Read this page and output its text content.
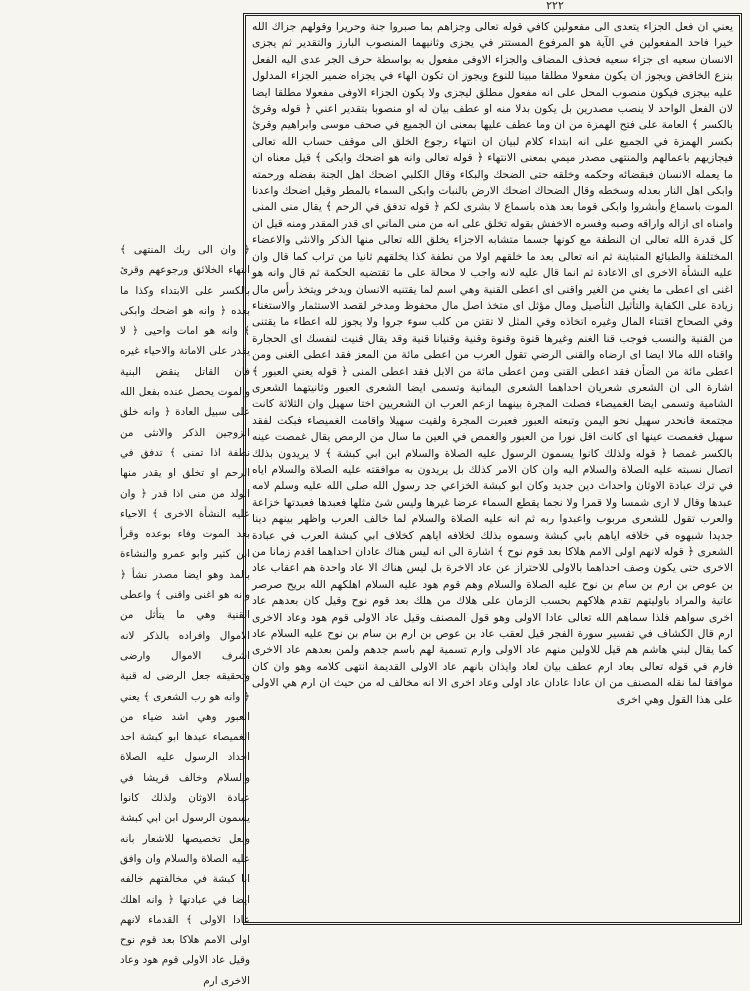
٢٢٢

يعني ان فعل الجزاء يتعدى الى مفعولين كافي قوله تعالى وجزاهم بما صبروا جنة وحريرا وقولهم جزاك الله خيرا فاحد المفعولين في الآية هو المرفوع المستتر في يجزى وثانيهما المنصوب البارز والتقدير ثم يجزى الانسان سعيه اى جزاء سعيه فحذف المضاف والجزاء الاوفى مفعول به بواسطة حرف الجر عدى اليه الفعل بنزع الخافض ويجوز ان يكون مفعولا مطلقا مبينا للنوع ويجوز ان تكون الهاء في يجزاه ضمير الجزاء المدلول عليه بيجزى فيكون منصوب المحل على انه مفعول مطلق ليجزى ولا يكون الجزاء الاوفى مفعولا مطلقا ايضا لان الفعل الواحد لا ينصب مصدرين بل يكون بدلا منه او عطف بيان له او منصوبا بتقدير اعني ﴿ قوله وقرئ بالكسر ﴾ العامة على فتح الهمزة من ان وما عطف عليها بمعنى ان الجميع في صحف موسى وابراهيم وقرئ بكسر الهمزة في الجميع على انه ابتداء كلام لبيان ان انتهاء رجوع الخلق الى موقف حساب الله تعالى فيجازيهم باعمالهم والمنتهى مصدر ميمي بمعنى الانتهاء ﴿ قوله تعالى وانه هو اضحك وابكى ﴾ قيل معناه ان ما يعمله الانسان فبقضائه وحكمه وخلقه حتى الضحك والبكاء وقال الكلبي اضحك اهل الجنة بفضله ورحمته وابكى اهل النار بعدله وسخطه وقال الضحاك اضحك الارض بالنبات وابكى السماء بالمطر وقيل اضحك واعدنا الموت باسماع وأبشروا وابكى قوما بعد هذه باسماع لا بشرى لكم ﴿ قوله تدفق في الرحم ﴾ يقال منى المنى وامناه اى ازاله واراقه وصبه وفسره الاخفش بقوله تخلق على انه من منى الماني اى قدر المقدر ومنه قيل ان كل قدرة الله تعالى ان النطفة مع كونها جسما متشابه الاجزاء يخلق الله تعالى منها الذكر والانثى والاعضاء المختلفة والطبائع المتباينة ثم انه تعالى بعد ما خلقهم اولا من نطفة كذا يخلقهم ثانيا من تراب كما قال وان عليه النشأة الاخرى اى الاعادة ثم انما قال عليه لانه واجب لا محالة على ما تقتضيه الحكمة ثم قال وانه هو اغنى اى اعطى ما يغني من الغير واقنى اى اعطى القنية وهي اسم لما يقتنيه الانسان ويدخر ويتخذ رأس مال زيادة على الكفاية والتأثيل التأصيل ومال مؤثل اى متخذ اصل مال محفوظ ومدخر لقصد الاستثمار والاستغناء وفي الصحاح اقتناء المال وغيره اتخاذه وفي المثل لا تقتن من كلب سوء جروا ولا يجوز لله اعطاء ما يقتنى من القنية والنسب فوجب قنا الغنم وغيرها قنوة وقنوة وقنية وقنيانا قنية وقد يقال قنيت لنفسك اى الحجارة واقناه الله مالا ايضا اى ارضاه والقنى الرضي تقول العرب من اعطى مائة من المعز فقد اعطى الغنى ومن اعطى مائة من الضأن فقد اعطى القنى ومن اعطى مائة من الابل فقد اعطى المنى ﴿ قوله يعني العبور ﴾ اشارة الى ان الشعرى شعريان احداهما الشعرى اليمانية وتسمى ايضا الشعرى العبور وثانيتهما الشعرى الشامية وتسمى ايضا الغميصاء فصلت المجرة بينهما ازعم العرب ان الشعريين اختا سهيل وان الثلاثة كانت مجتمعة فانحدر سهيل نحو اليمن وتبعته العبور فعبرت المجرة ولقيت سهيلا واقامت الغميصاء فبكت لفقد سهيل فغمصت عينها اى كانت اقل نورا من العبور والغمص في العين ما سال من الرمص يقال غمصت عينه بالكسر غمصا ﴿ قوله ولذلك كانوا يسمون الرسول عليه الصلاة والسلام ابن ابي كبشة ﴾ لا يريدون بذلك اتصال نسبته عليه الصلاة والسلام اليه وان كان الامر كذلك بل يريدون به موافقته عليه الصلاة والسلام اياه في ترك عبادة الاوثان واحداث دين جديد وكان ابو كبشة الخزاعي جد رسول الله صلى الله عليه وسلم لامه عبدها وقال لا ارى شمسا ولا قمرا ولا نجما يقطع السماء عرضا غيرها وليس شئ مثلها فعبدها فعبدتها خزاعة والعرب تقول للشعرى مربوب واعبدوا ربه ثم انه عليه الصلاة والسلام لما خالف العرب واظهر بينهم دينا جديدا شبهوه في خلافه اياهم بابي كبشة وسموه بذلك لخلافه اياهم كخلاف ابي كبشة العرب في عبادة الشعرى ﴿ قوله لانهم اولى الامم هلاكا بعد قوم نوح ﴾ اشارة الى انه ليس هناك عادان احداهما اقدم زمانا من الاخرى حتى يكون وصف احداهما بالاولى للاحتراز عن عاد الاخرة بل ليس هناك الا عاد واحدة هم اعقاب عاد بن عوص بن ارم بن سام بن نوح عليه الصلاة والسلام وهم قوم هود عليه السلام اهلكهم الله بريح صرصر عاتية والمراد باوليتهم تقدم هلاكهم بحسب الزمان على هلاك من هلك بعد قوم نوح وقيل كان بعدهم عاد اخرى سواهم فلذا سماهم الله تعالى عادا الاولى وهو قول المصنف وقيل عاد الاولى قوم هود وعاد الاخرى ارم قال الكشاف في تفسير سورة الفجر قيل لعقب عاد بن عوص بن ارم بن سام بن نوح عليه السلام عاد كما يقال لبني هاشم هم قيل للاولين منهم عاد الاولى وارم تسمية لهم باسم جدهم ولمن بعدهم عاد الاخرى فارم في قوله تعالى بعاد ارم عطف بيان لعاد وايذان بانهم عاد الاولى القديمة انتهى كلامه وهو وان كان موافقا لما نقله المصنف من ان عادا عادان عاد اولى وعاد اخرى الا انه مخالف له من حيث ان ارم هي الاولى على هذا القول وهي اخرى

﴿ وان الى ربك المنتهى ﴾ انتهاء الخلائق ورجوعهم وقرئ بالكسر على الابتداء وكذا ما بعده ﴿ وانه هو اضحك وابكى ﴾ وانه هو امات واحيى ﴿ لا يقدر على الاماتة والاحياء غيره فان القاتل ينقض البنية والموت يحصل عنده بفعل الله على سبيل العادة ﴿ وانه خلق الزوجين الذكر والانثى من نطفة اذا تمنى ﴾ تدفق في الرحم او تخلق او يقدر منها الولد من منى اذا قدر ﴿ وان عليه النشأة الاخرى ﴾ الاحياء بعد الموت وفاء بوعده وقرأ ابن كثير وابو عمرو والنشاءة بالمد وهو ايضا مصدر نشأ ﴿ وانه هو اغنى واقنى ﴾ واعطى القنية وهي ما يتأثل من الاموال وافراده بالذكر لانه اشرف الاموال وارضى وتحقيقه جعل الرضى له قنية ﴿ وانه هو رب الشعرى ﴾ يعني العبور وهي اشد ضياء من الغميصاء عبدها ابو كبشة احد اجداد الرسول عليه الصلاة والسلام وخالف قريشا في عبادة الاوثان ولذلك كانوا يسمون الرسول ابن ابي كبشة ولعل تخصيصها للاشعار بانه عليه الصلاة والسلام وان وافق ابا كبشة في مخالفتهم خالفه ايضا في عبادتها ﴿ وانه اهلك عادا الاولى ﴾ القدماء لانهم اولى الامم هلاكا بعد قوم نوح وقيل عاد الاولى قوم هود وعاد الاخرى ارم
